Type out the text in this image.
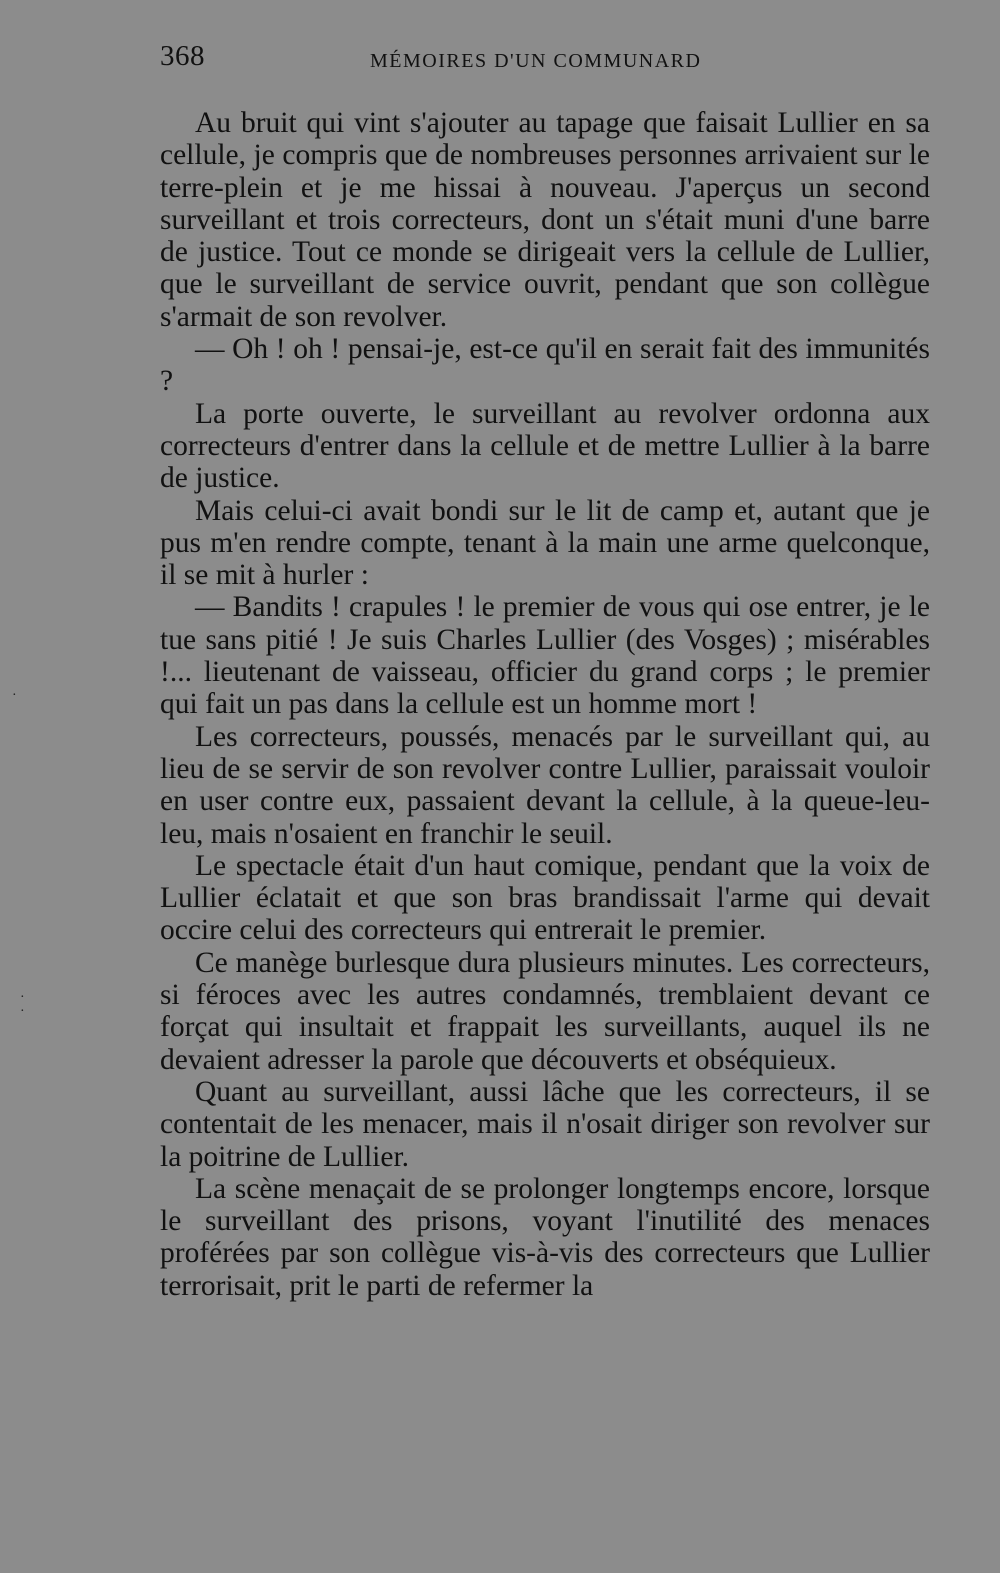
368	MÉMOIRES D'UN COMMUNARD

Au bruit qui vint s'ajouter au tapage que faisait Lullier en sa cellule, je compris que de nombreuses personnes arrivaient sur le terre-plein et je me hissai à nouveau. J'aperçus un second surveillant et trois correcteurs, dont un s'était muni d'une barre de justice. Tout ce monde se dirigeait vers la cellule de Lullier, que le surveillant de service ouvrit, pendant que son collègue s'armait de son revolver.

— Oh ! oh ! pensai-je, est-ce qu'il en serait fait des immunités ?

La porte ouverte, le surveillant au revolver ordonna aux correcteurs d'entrer dans la cellule et de mettre Lullier à la barre de justice.

Mais celui-ci avait bondi sur le lit de camp et, autant que je pus m'en rendre compte, tenant à la main une arme quelconque, il se mit à hurler :

— Bandits ! crapules ! le premier de vous qui ose entrer, je le tue sans pitié ! Je suis Charles Lullier (des Vosges) ; misérables !... lieutenant de vaisseau, officier du grand corps ; le premier qui fait un pas dans la cellule est un homme mort !

Les correcteurs, poussés, menacés par le surveillant qui, au lieu de se servir de son revolver contre Lullier, paraissait vouloir en user contre eux, passaient devant la cellule, à la queue-leu-leu, mais n'osaient en franchir le seuil.

Le spectacle était d'un haut comique, pendant que la voix de Lullier éclatait et que son bras brandissait l'arme qui devait occire celui des correcteurs qui entrerait le premier.

Ce manège burlesque dura plusieurs minutes. Les correcteurs, si féroces avec les autres condamnés, tremblaient devant ce forçat qui insultait et frappait les surveillants, auquel ils ne devaient adresser la parole que découverts et obséquieux.

Quant au surveillant, aussi lâche que les correcteurs, il se contentait de les menacer, mais il n'osait diriger son revolver sur la poitrine de Lullier.

La scène menaçait de se prolonger longtemps encore, lorsque le surveillant des prisons, voyant l'inutilité des menaces proférées par son collègue vis-à-vis des correcteurs que Lullier terrorisait, prit le parti de refermer la

·
·
·
